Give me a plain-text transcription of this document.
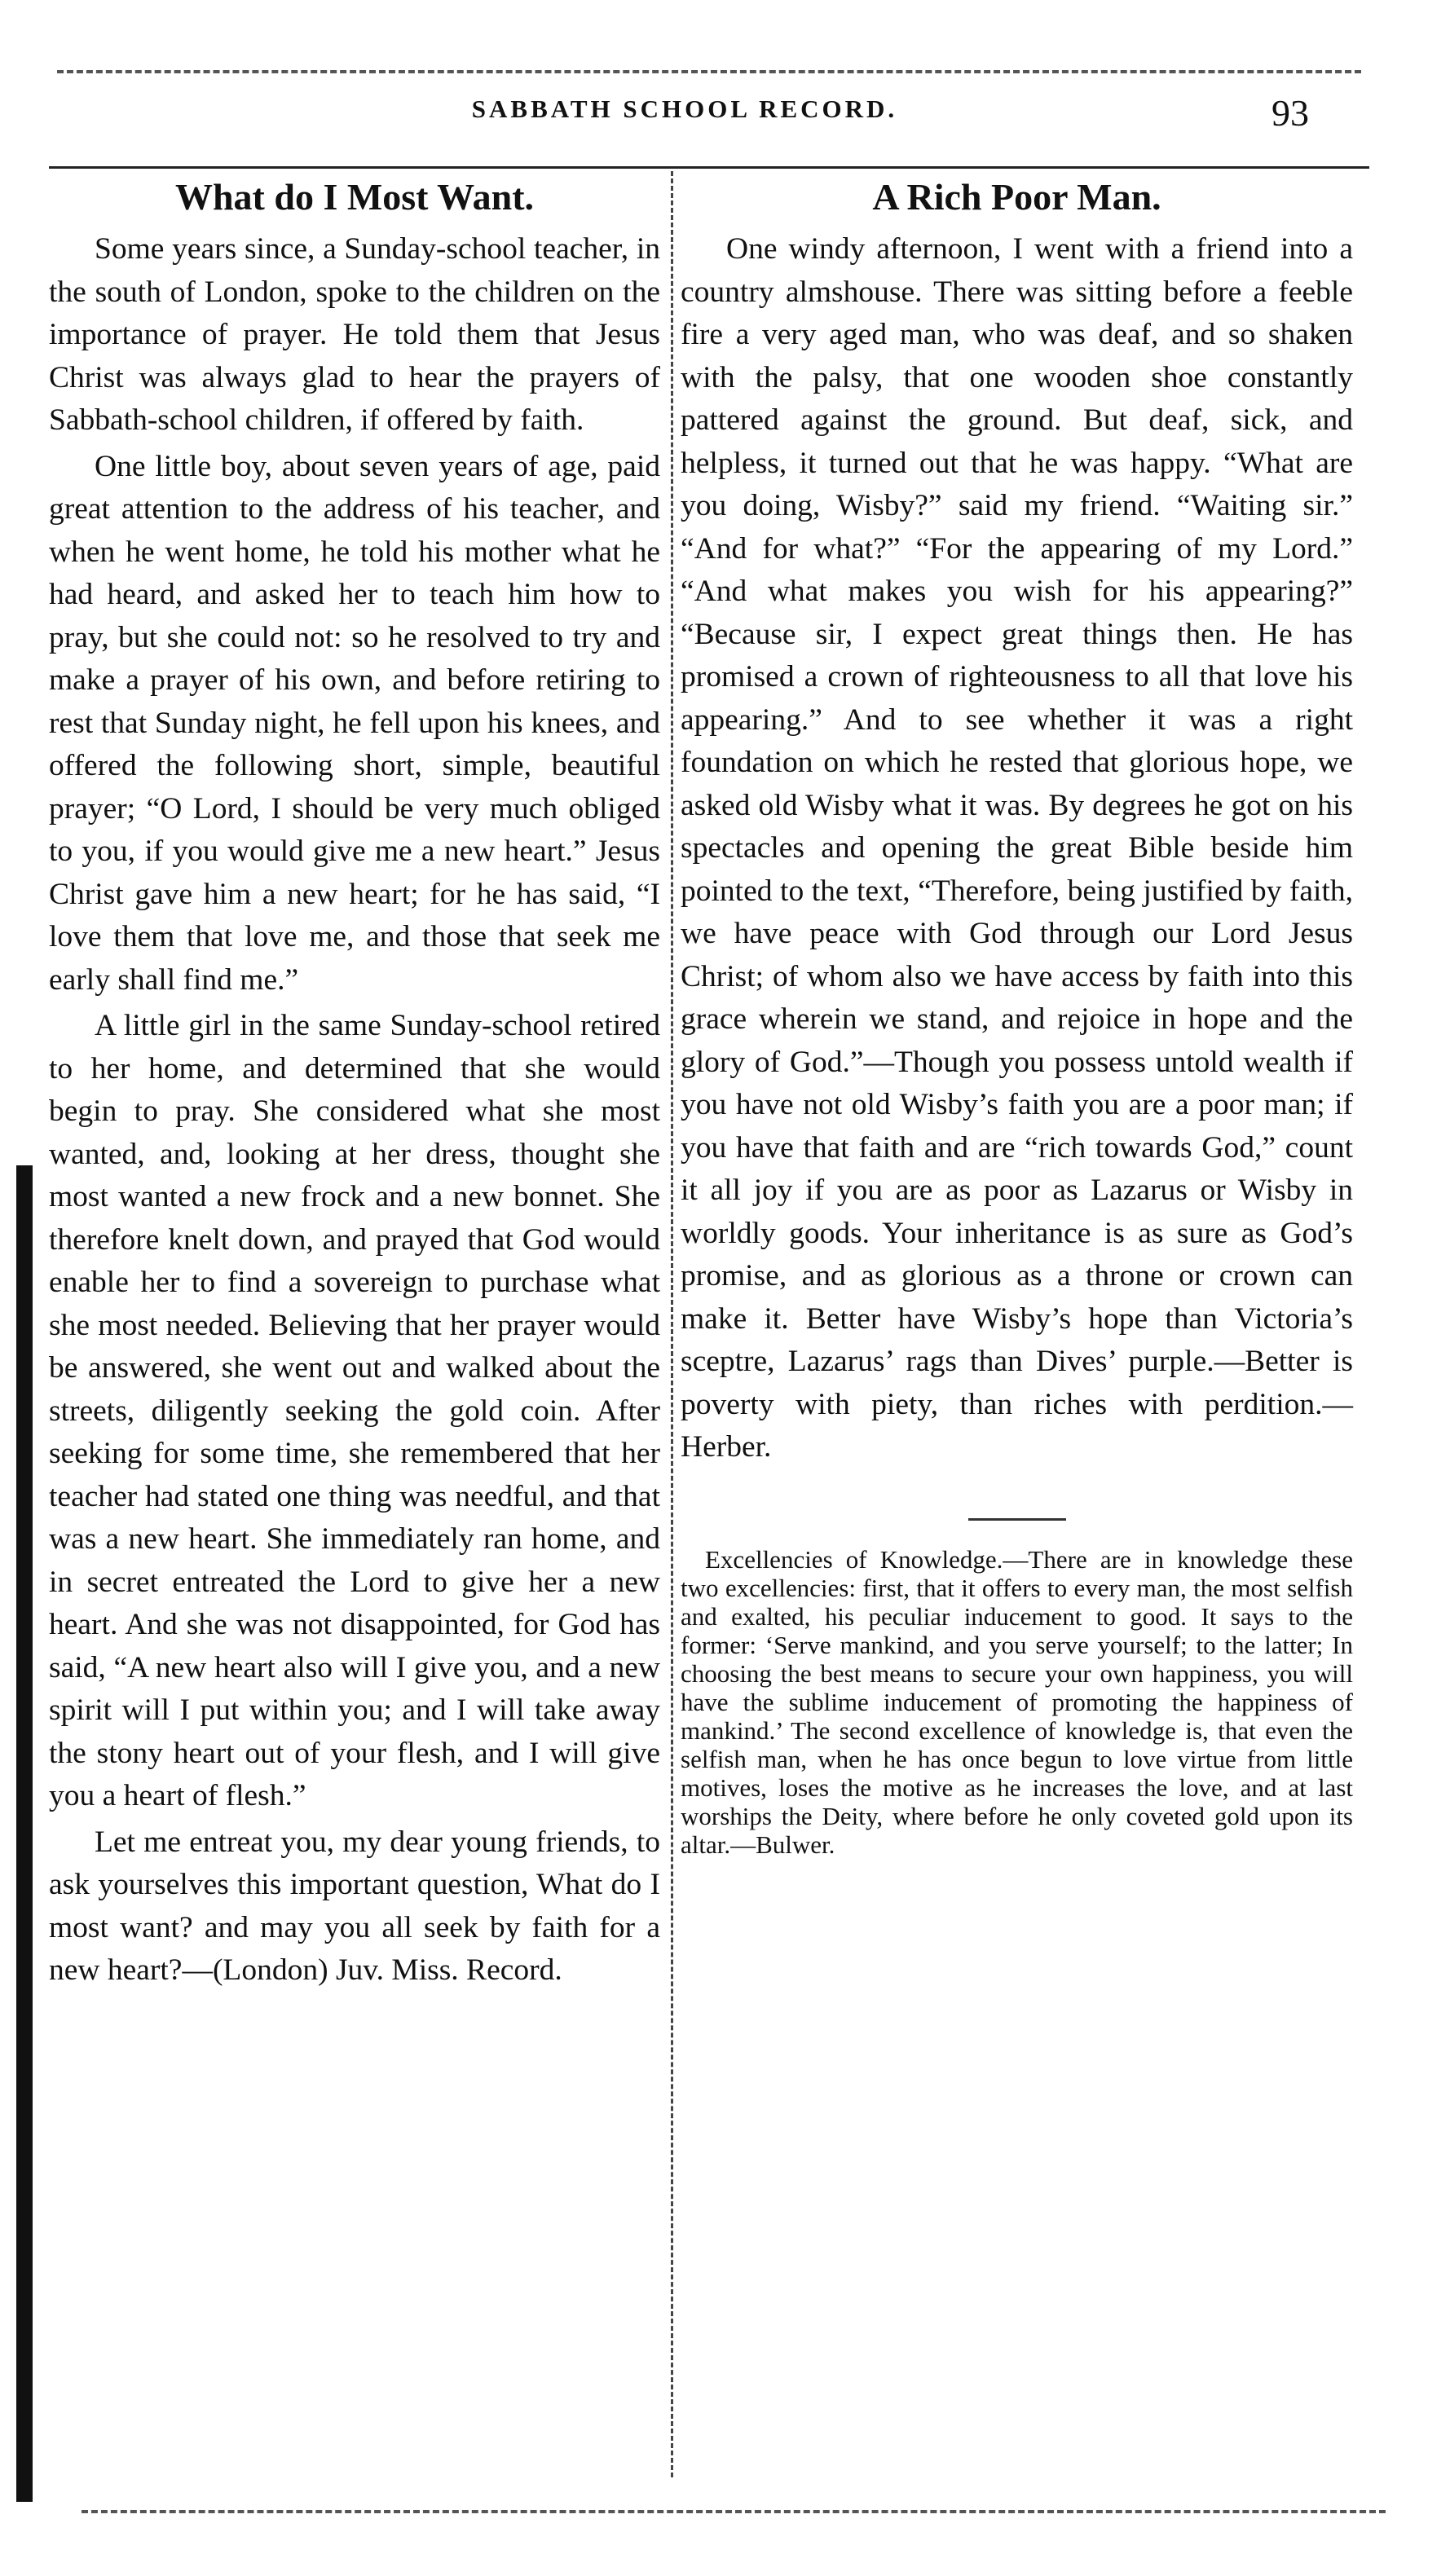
SABBATH SCHOOL RECORD.	93
What do I Most Want.

Some years since, a Sunday-school teacher, in the south of London, spoke to the children on the importance of prayer. He told them that Jesus Christ was always glad to hear the prayers of Sabbath-school children, if offered by faith.

One little boy, about seven years of age, paid great attention to the address of his teacher, and when he went home, he told his mother what he had heard, and asked her to teach him how to pray, but she could not: so he resolved to try and make a prayer of his own, and before retiring to rest that Sunday night, he fell upon his knees, and offered the following short, simple, beautiful prayer; “O Lord, I should be very much obliged to you, if you would give me a new heart.” Jesus Christ gave him a new heart; for he has said, “I love them that love me, and those that seek me early shall find me.”

A little girl in the same Sunday-school retired to her home, and determined that she would begin to pray. She considered what she most wanted, and, looking at her dress, thought she most wanted a new frock and a new bonnet. She therefore knelt down, and prayed that God would enable her to find a sovereign to purchase what she most needed. Believing that her prayer would be answered, she went out and walked about the streets, diligently seeking the gold coin. After seeking for some time, she remembered that her teacher had stated one thing was needful, and that was a new heart. She immediately ran home, and in secret entreated the Lord to give her a new heart. And she was not disappointed, for God has said, “A new heart also will I give you, and a new spirit will I put within you; and I will take away the stony heart out of your flesh, and I will give you a heart of flesh.”

Let me entreat you, my dear young friends, to ask yourselves this important question, What do I most want? and may you all seek by faith for a new heart?—(London) Juv. Miss. Record.

A Rich Poor Man.

One windy afternoon, I went with a friend into a country almshouse. There was sitting before a feeble fire a very aged man, who was deaf, and so shaken with the palsy, that one wooden shoe constantly pattered against the ground. But deaf, sick, and helpless, it turned out that he was happy. “What are you doing, Wisby?” said my friend. “Waiting sir.” “And for what?” “For the appearing of my Lord.” “And what makes you wish for his appearing?” “Because sir, I expect great things then. He has promised a crown of righteousness to all that love his appearing.” And to see whether it was a right foundation on which he rested that glorious hope, we asked old Wisby what it was. By degrees he got on his spectacles and opening the great Bible beside him pointed to the text, “Therefore, being justified by faith, we have peace with God through our Lord Jesus Christ; of whom also we have access by faith into this grace wherein we stand, and rejoice in hope and the glory of God.”—Though you possess untold wealth if you have not old Wisby’s faith you are a poor man; if you have that faith and are “rich towards God,” count it all joy if you are as poor as Lazarus or Wisby in worldly goods. Your inheritance is as sure as God’s promise, and as glorious as a throne or crown can make it. Better have Wisby’s hope than Victoria’s sceptre, Lazarus’ rags than Dives’ purple.—Better is poverty with piety, than riches with perdition.—Herber.

Excellencies of Knowledge.—There are in knowledge these two excellencies: first, that it offers to every man, the most selfish and exalted, his peculiar inducement to good. It says to the former: ‘Serve mankind, and you serve yourself; to the latter; In choosing the best means to secure your own happiness, you will have the sublime inducement of promoting the happiness of mankind.’ The second excellence of knowledge is, that even the selfish man, when he has once begun to love virtue from little motives, loses the motive as he increases the love, and at last worships the Deity, where before he only coveted gold upon its altar.—Bulwer.
